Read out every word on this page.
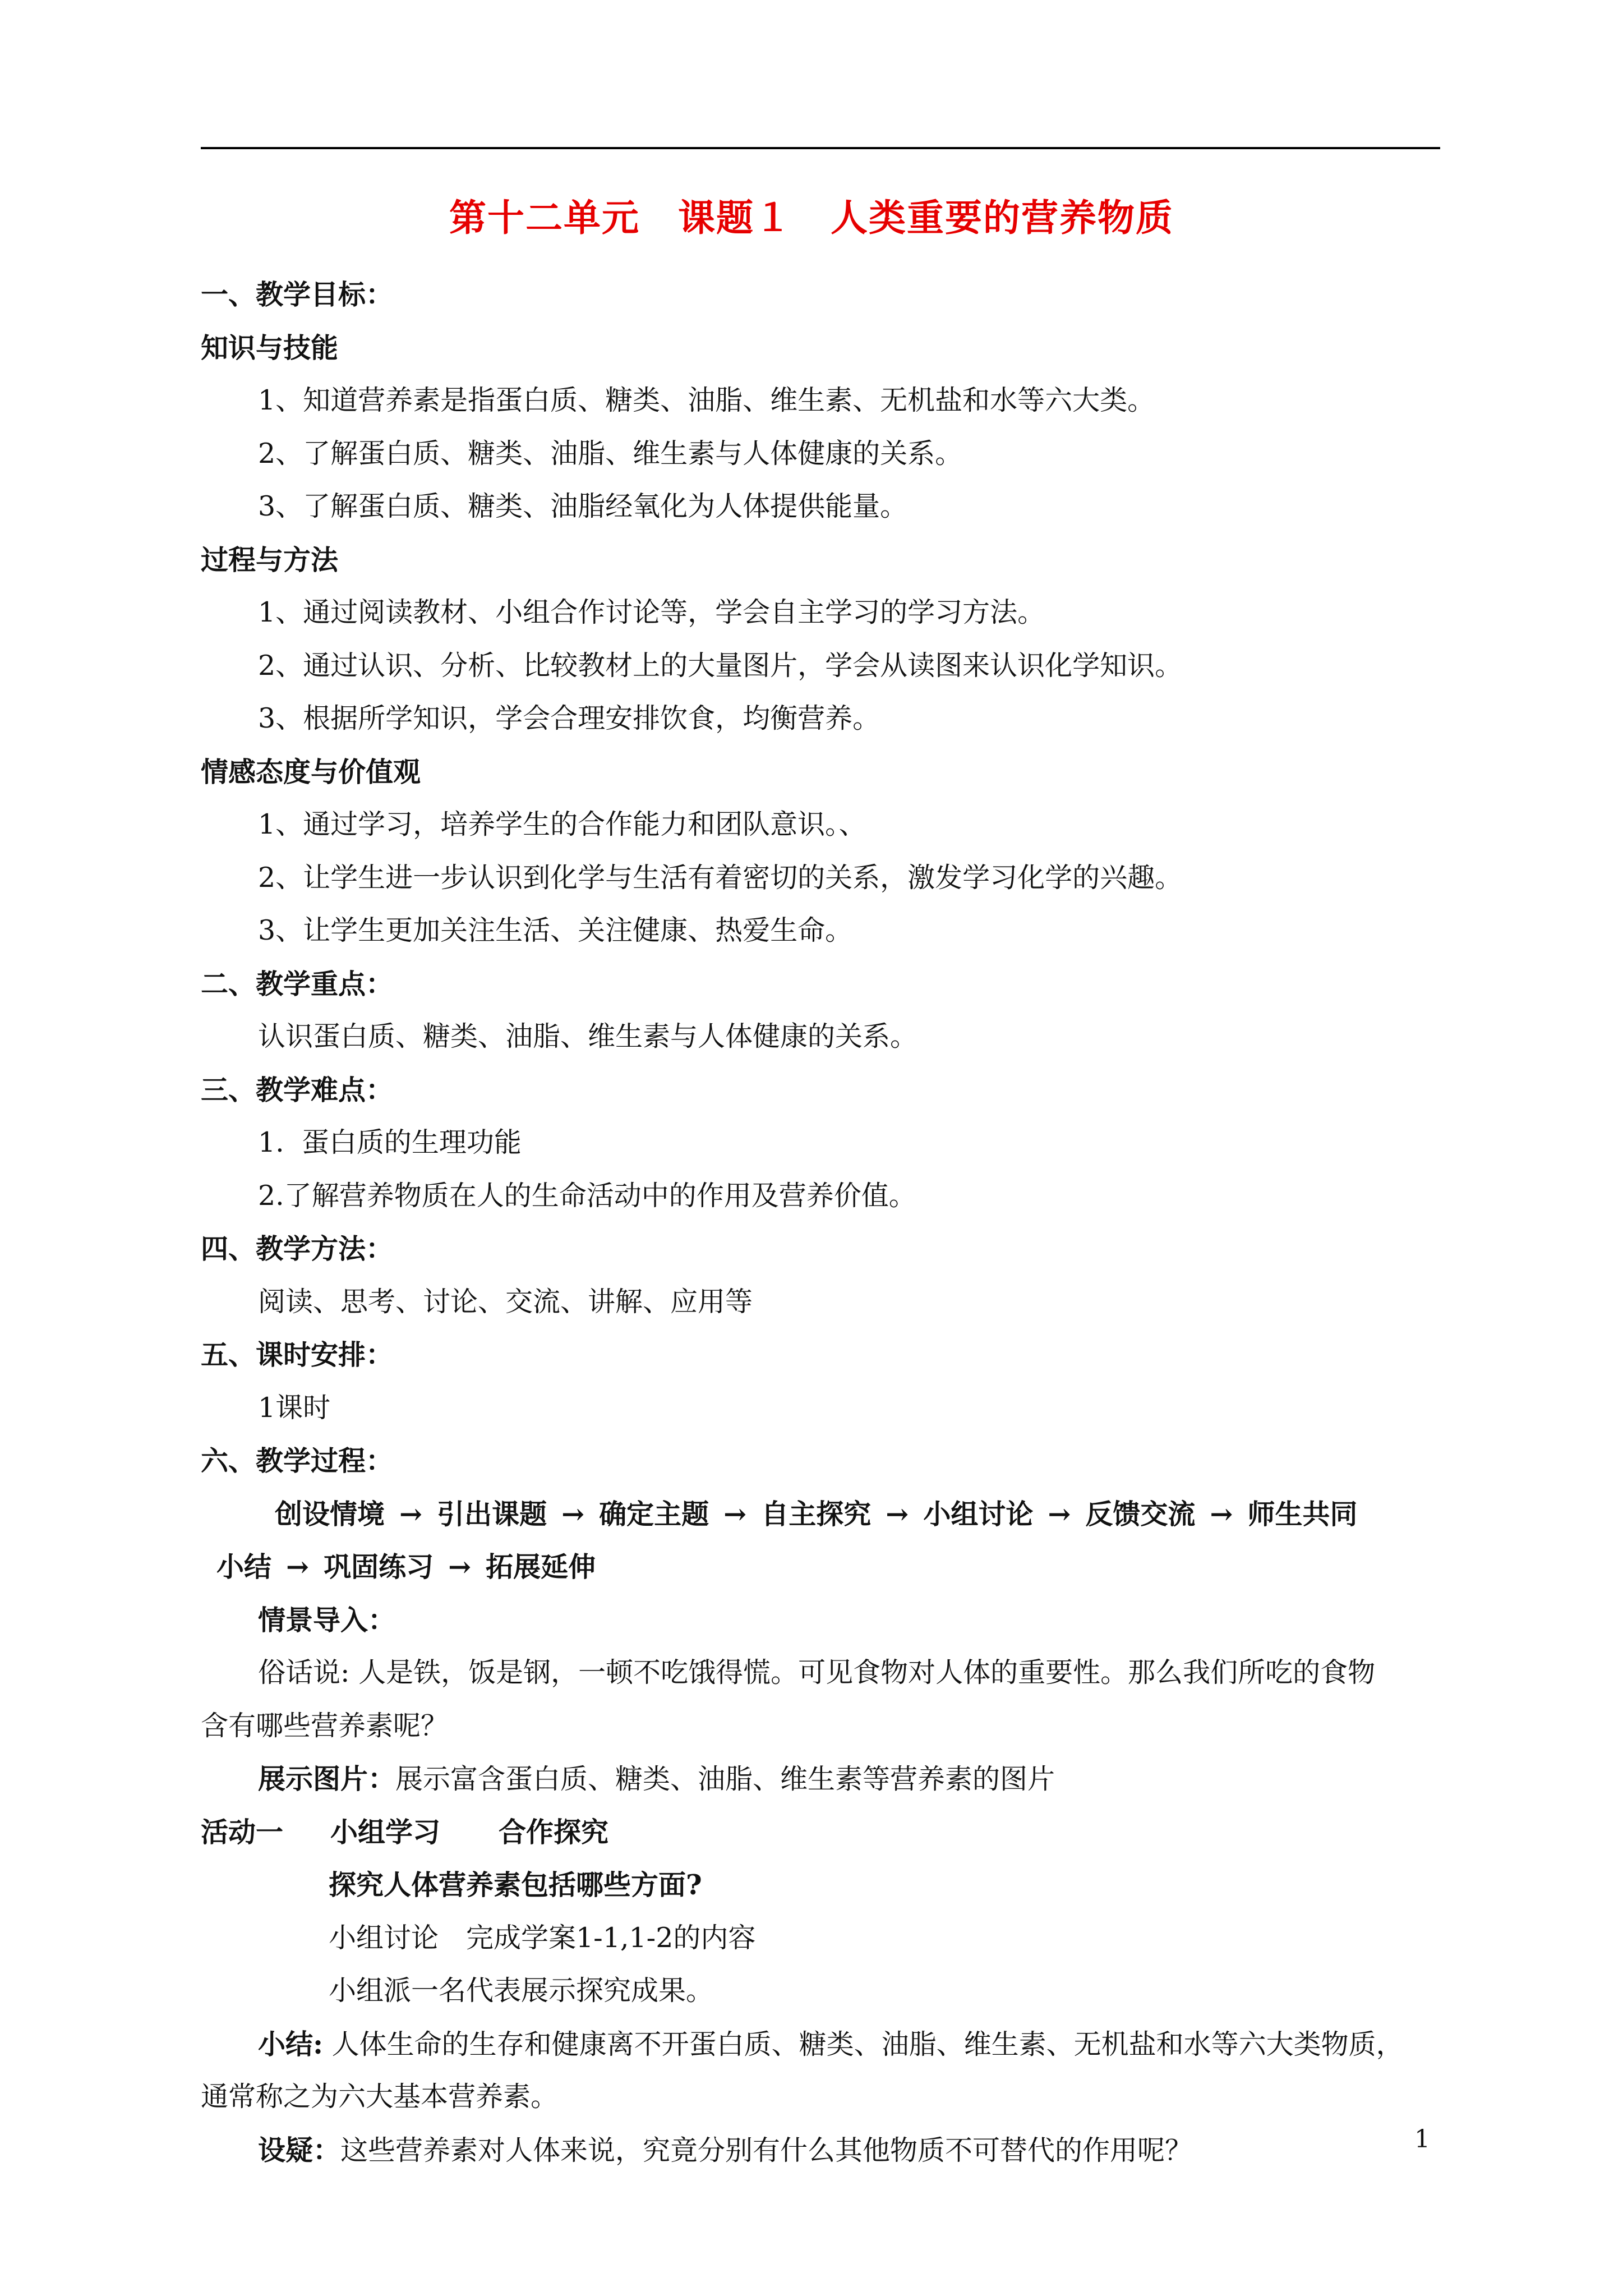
第十二单元　课题１　人类重要的营养物质
一、教学目标：
知识与技能
1、知道营养素是指蛋白质、糖类、油脂、维生素、无机盐和水等六大类。
2、了解蛋白质、糖类、油脂、维生素与人体健康的关系。
3、了解蛋白质、糖类、油脂经氧化为人体提供能量。
过程与方法
1、通过阅读教材、小组合作讨论等，学会自主学习的学习方法。
2、通过认识、分析、比较教材上的大量图片，学会从读图来认识化学知识。
3、根据所学知识，学会合理安排饮食，均衡营养。
情感态度与价值观
1、通过学习，培养学生的合作能力和团队意识。、
2、让学生进一步认识到化学与生活有着密切的关系，激发学习化学的兴趣。
3、让学生更加关注生活、关注健康、热爱生命。
二、教学重点：
认识蛋白质、糖类、油脂、维生素与人体健康的关系。
三、教学难点：
1.  蛋白质的生理功能
2.了解营养物质在人的生命活动中的作用及营养价值。
四、教学方法：
阅读、思考、讨论、交流、讲解、应用等
五、课时安排：
1课时
六、教学过程：
创设情境 → 引出课题 → 确定主题 → 自主探究 → 小组讨论 → 反馈交流 → 师生共同
小结 → 巩固练习 → 拓展延伸
情景导入：
俗话说: 人是铁，饭是钢，一顿不吃饿得慌。可见食物对人体的重要性。那么我们所吃的食物
含有哪些营养素呢？
展示图片：展示富含蛋白质、糖类、油脂、维生素等营养素的图片
活动一 小组学习 合作探究
探究人体营养素包括哪些方面?
小组讨论　完成学案1-1,1-2的内容
小组派一名代表展示探究成果。
小结: 人体生命的生存和健康离不开蛋白质、糖类、油脂、维生素、无机盐和水等六大类物质，
通常称之为六大基本营养素。
设疑：这些营养素对人体来说，究竟分别有什么其他物质不可替代的作用呢？	1
